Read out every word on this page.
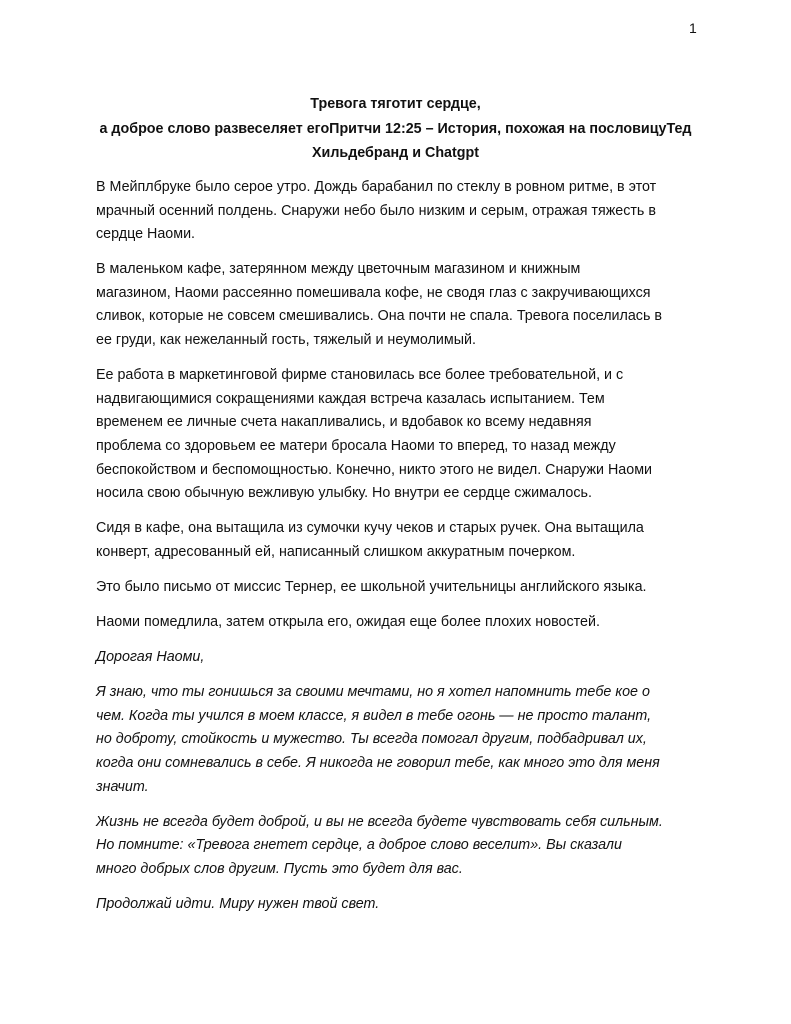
1
Тревога тяготит сердце,
а доброе слово развеселяет егоПритчи 12:25 – История, похожая на пословицуТед
Хильдебранд и Chatgpt

В Мейплбруке было серое утро. Дождь барабанил по стеклу в ровном ритме, в этот
мрачный осенний полдень. Снаружи небо было низким и серым, отражая тяжесть в
сердце Наоми.

В маленьком кафе, затерянном между цветочным магазином и книжным
магазином, Наоми рассеянно помешивала кофе, не сводя глаз с закручивающихся
сливок, которые не совсем смешивались. Она почти не спала. Тревога поселилась в
ее груди, как нежеланный гость, тяжелый и неумолимый.

Ее работа в маркетинговой фирме становилась все более требовательной, и с
надвигающимися сокращениями каждая встреча казалась испытанием. Тем
временем ее личные счета накапливались, и вдобавок ко всему недавняя
проблема со здоровьем ее матери бросала Наоми то вперед, то назад между
беспокойством и беспомощностью. Конечно, никто этого не видел. Снаружи Наоми
носила свою обычную вежливую улыбку. Но внутри ее сердце сжималось.

Сидя в кафе, она вытащила из сумочки кучу чеков и старых ручек. Она вытащила
конверт, адресованный ей, написанный слишком аккуратным почерком.

Это было письмо от миссис Тернер, ее школьной учительницы английского языка.

Наоми помедлила, затем открыла его, ожидая еще более плохих новостей.

Дорогая Наоми,

Я знаю, что ты гонишься за своими мечтами, но я хотел напомнить тебе кое о
чем. Когда ты учился в моем классе, я видел в тебе огонь — не просто талант,
но доброту, стойкость и мужество. Ты всегда помогал другим, подбадривал их,
когда они сомневались в себе. Я никогда не говорил тебе, как много это для меня
значит.

Жизнь не всегда будет доброй, и вы не всегда будете чувствовать себя сильным.
Но помните: «Тревога гнетет сердце, а доброе слово веселит». Вы сказали
много добрых слов другим. Пусть это будет для вас.

Продолжай идти. Миру нужен твой свет.
